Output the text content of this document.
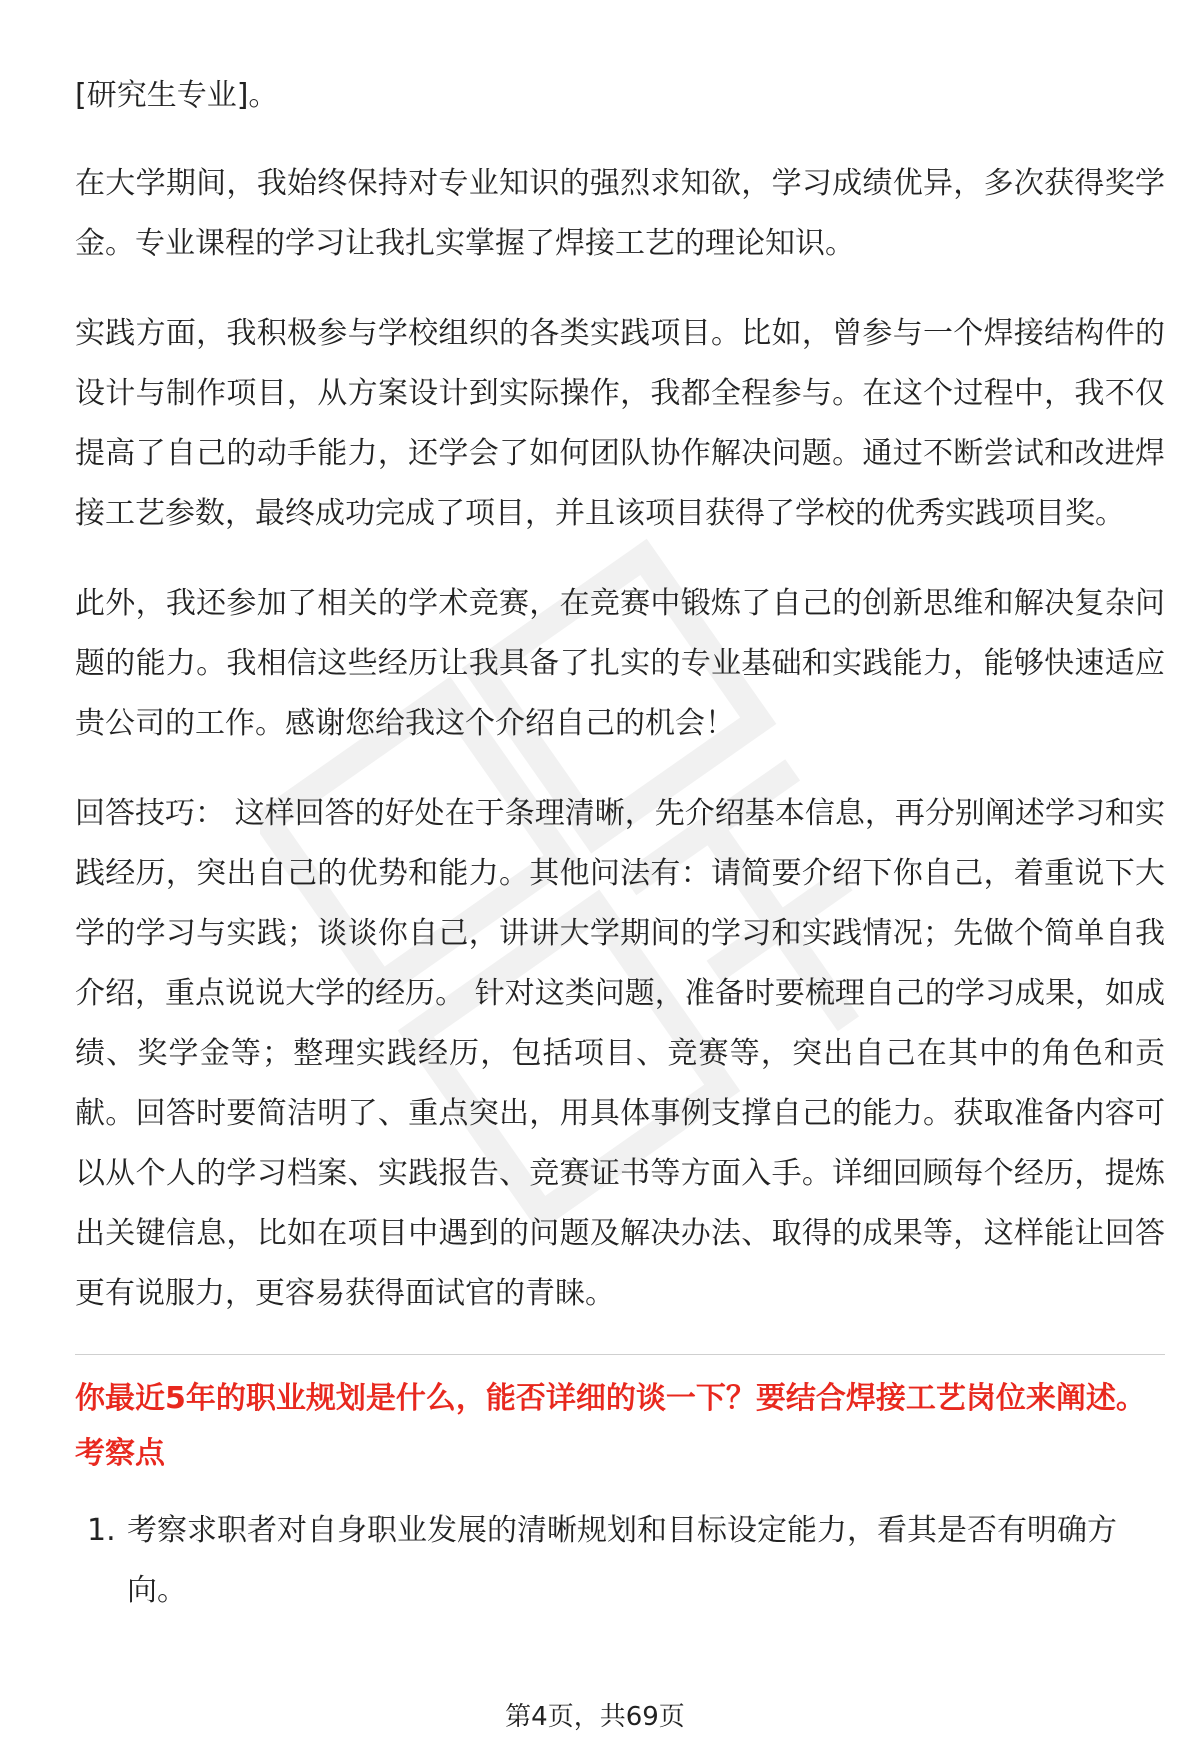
[研究生专业]。

在大学期间，我始终保持对专业知识的强烈求知欲，学习成绩优异，多次获得奖学金。专业课程的学习让我扎实掌握了焊接工艺的理论知识。

实践方面，我积极参与学校组织的各类实践项目。比如，曾参与一个焊接结构件的设计与制作项目，从方案设计到实际操作，我都全程参与。在这个过程中，我不仅提高了自己的动手能力，还学会了如何团队协作解决问题。通过不断尝试和改进焊接工艺参数，最终成功完成了项目，并且该项目获得了学校的优秀实践项目奖。

此外，我还参加了相关的学术竞赛，在竞赛中锻炼了自己的创新思维和解决复杂问题的能力。我相信这些经历让我具备了扎实的专业基础和实践能力，能够快速适应贵公司的工作。感谢您给我这个介绍自己的机会！

回答技巧： 这样回答的好处在于条理清晰，先介绍基本信息，再分别阐述学习和实践经历，突出自己的优势和能力。其他问法有：请简要介绍下你自己，着重说下大学的学习与实践；谈谈你自己，讲讲大学期间的学习和实践情况；先做个简单自我介绍，重点说说大学的经历。 针对这类问题，准备时要梳理自己的学习成果，如成绩、奖学金等；整理实践经历，包括项目、竞赛等，突出自己在其中的角色和贡献。回答时要简洁明了、重点突出，用具体事例支撑自己的能力。获取准备内容可以从个人的学习档案、实践报告、竞赛证书等方面入手。详细回顾每个经历，提炼出关键信息，比如在项目中遇到的问题及解决办法、取得的成果等，这样能让回答更有说服力，更容易获得面试官的青睐。

你最近5年的职业规划是什么，能否详细的谈一下？要结合焊接工艺岗位来阐述。

考察点

1. 考察求职者对自身职业发展的清晰规划和目标设定能力，看其是否有明确方向。
第4页，共69页
